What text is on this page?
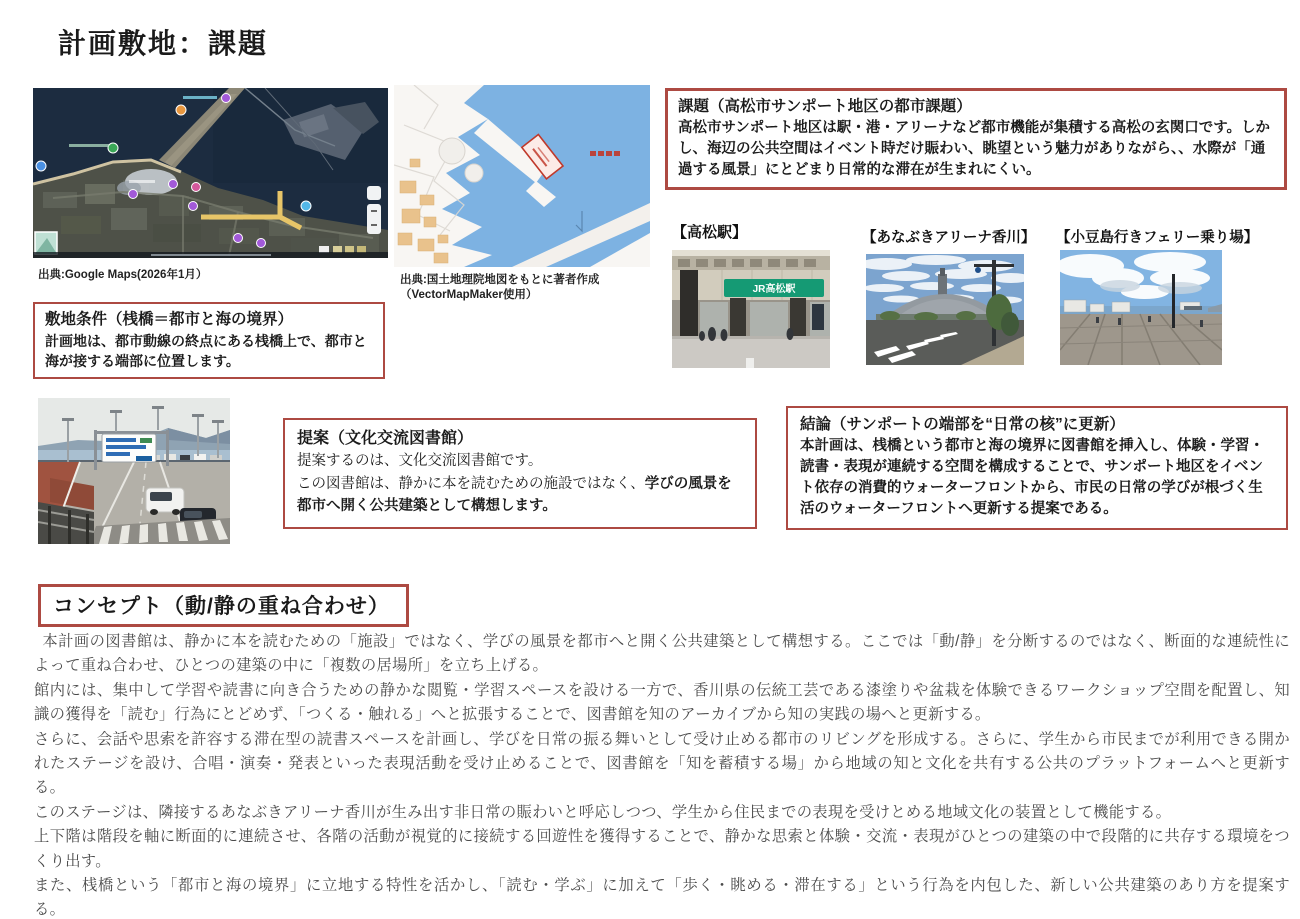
計画敷地：課題
出典:Google Maps(2026年1月）	出典:国土地理院地図をもとに著者作成
（VectorMapMaker使用）
課題（高松市サンポート地区の都市課題）
高松市サンポート地区は駅・港・アリーナなど都市機能が集積する高松の玄関口です。しかし、海辺の公共空間はイベント時だけ賑わい、眺望という魅力がありながら、、水際が「通過する風景」にとどまり日常的な滞在が生まれにくい。
【高松駅】	【あなぶきアリーナ香川】 【小豆島行きフェリー乗り場】
JR高松駅
敷地条件（桟橋＝都市と海の境界）
計画地は、都市動線の終点にある桟橋上で、都市と海が接する端部に位置します。
提案（文化交流図書館）
提案するのは、文化交流図書館です。
この図書館は、静かに本を読むための施設ではなく、学びの風景を都市へ開く公共建築として構想します。
結論（サンポートの端部を“日常の核”に更新）
本計画は、桟橋という都市と海の境界に図書館を挿入し、体験・学習・読書・表現が連続する空間を構成することで、サンポート地区をイベント依存の消費的ウォーターフロントから、市民の日常の学びが根づく生活のウォーターフロントへ更新する提案である。
コンセプト（動/静の重ね合わせ）

本計画の図書館は、静かに本を読むための「施設」ではなく、学びの風景を都市へと開く公共建築として構想する。ここでは「動/静」を分断するのではなく、断面的な連続性によって重ね合わせ、ひとつの建築の中に「複数の居場所」を立ち上げる。

館内には、集中して学習や読書に向き合うための静かな閲覧・学習スペースを設ける一方で、香川県の伝統工芸である漆塗りや盆栽を体験できるワークショップ空間を配置し、知識の獲得を「読む」行為にとどめず、「つくる・触れる」へと拡張することで、図書館を知のアーカイブから知の実践の場へと更新する。

さらに、会話や思索を許容する滞在型の読書スペースを計画し、学びを日常の振る舞いとして受け止める都市のリビングを形成する。さらに、学生から市民までが利用できる開かれたステージを設け、合唱・演奏・発表といった表現活動を受け止めることで、図書館を「知を蓄積する場」から地域の知と文化を共有する公共のプラットフォームへと更新する。

このステージは、隣接するあなぶきアリーナ香川が生み出す非日常の賑わいと呼応しつつ、学生から住民までの表現を受けとめる地域文化の装置として機能する。

上下階は階段を軸に断面的に連続させ、各階の活動が視覚的に接続する回遊性を獲得することで、静かな思索と体験・交流・表現がひとつの建築の中で段階的に共存する環境をつくり出す。

また、桟橋という「都市と海の境界」に立地する特性を活かし、「読む・学ぶ」に加えて「歩く・眺める・滞在する」という行為を内包した、新しい公共建築のあり方を提案する。
